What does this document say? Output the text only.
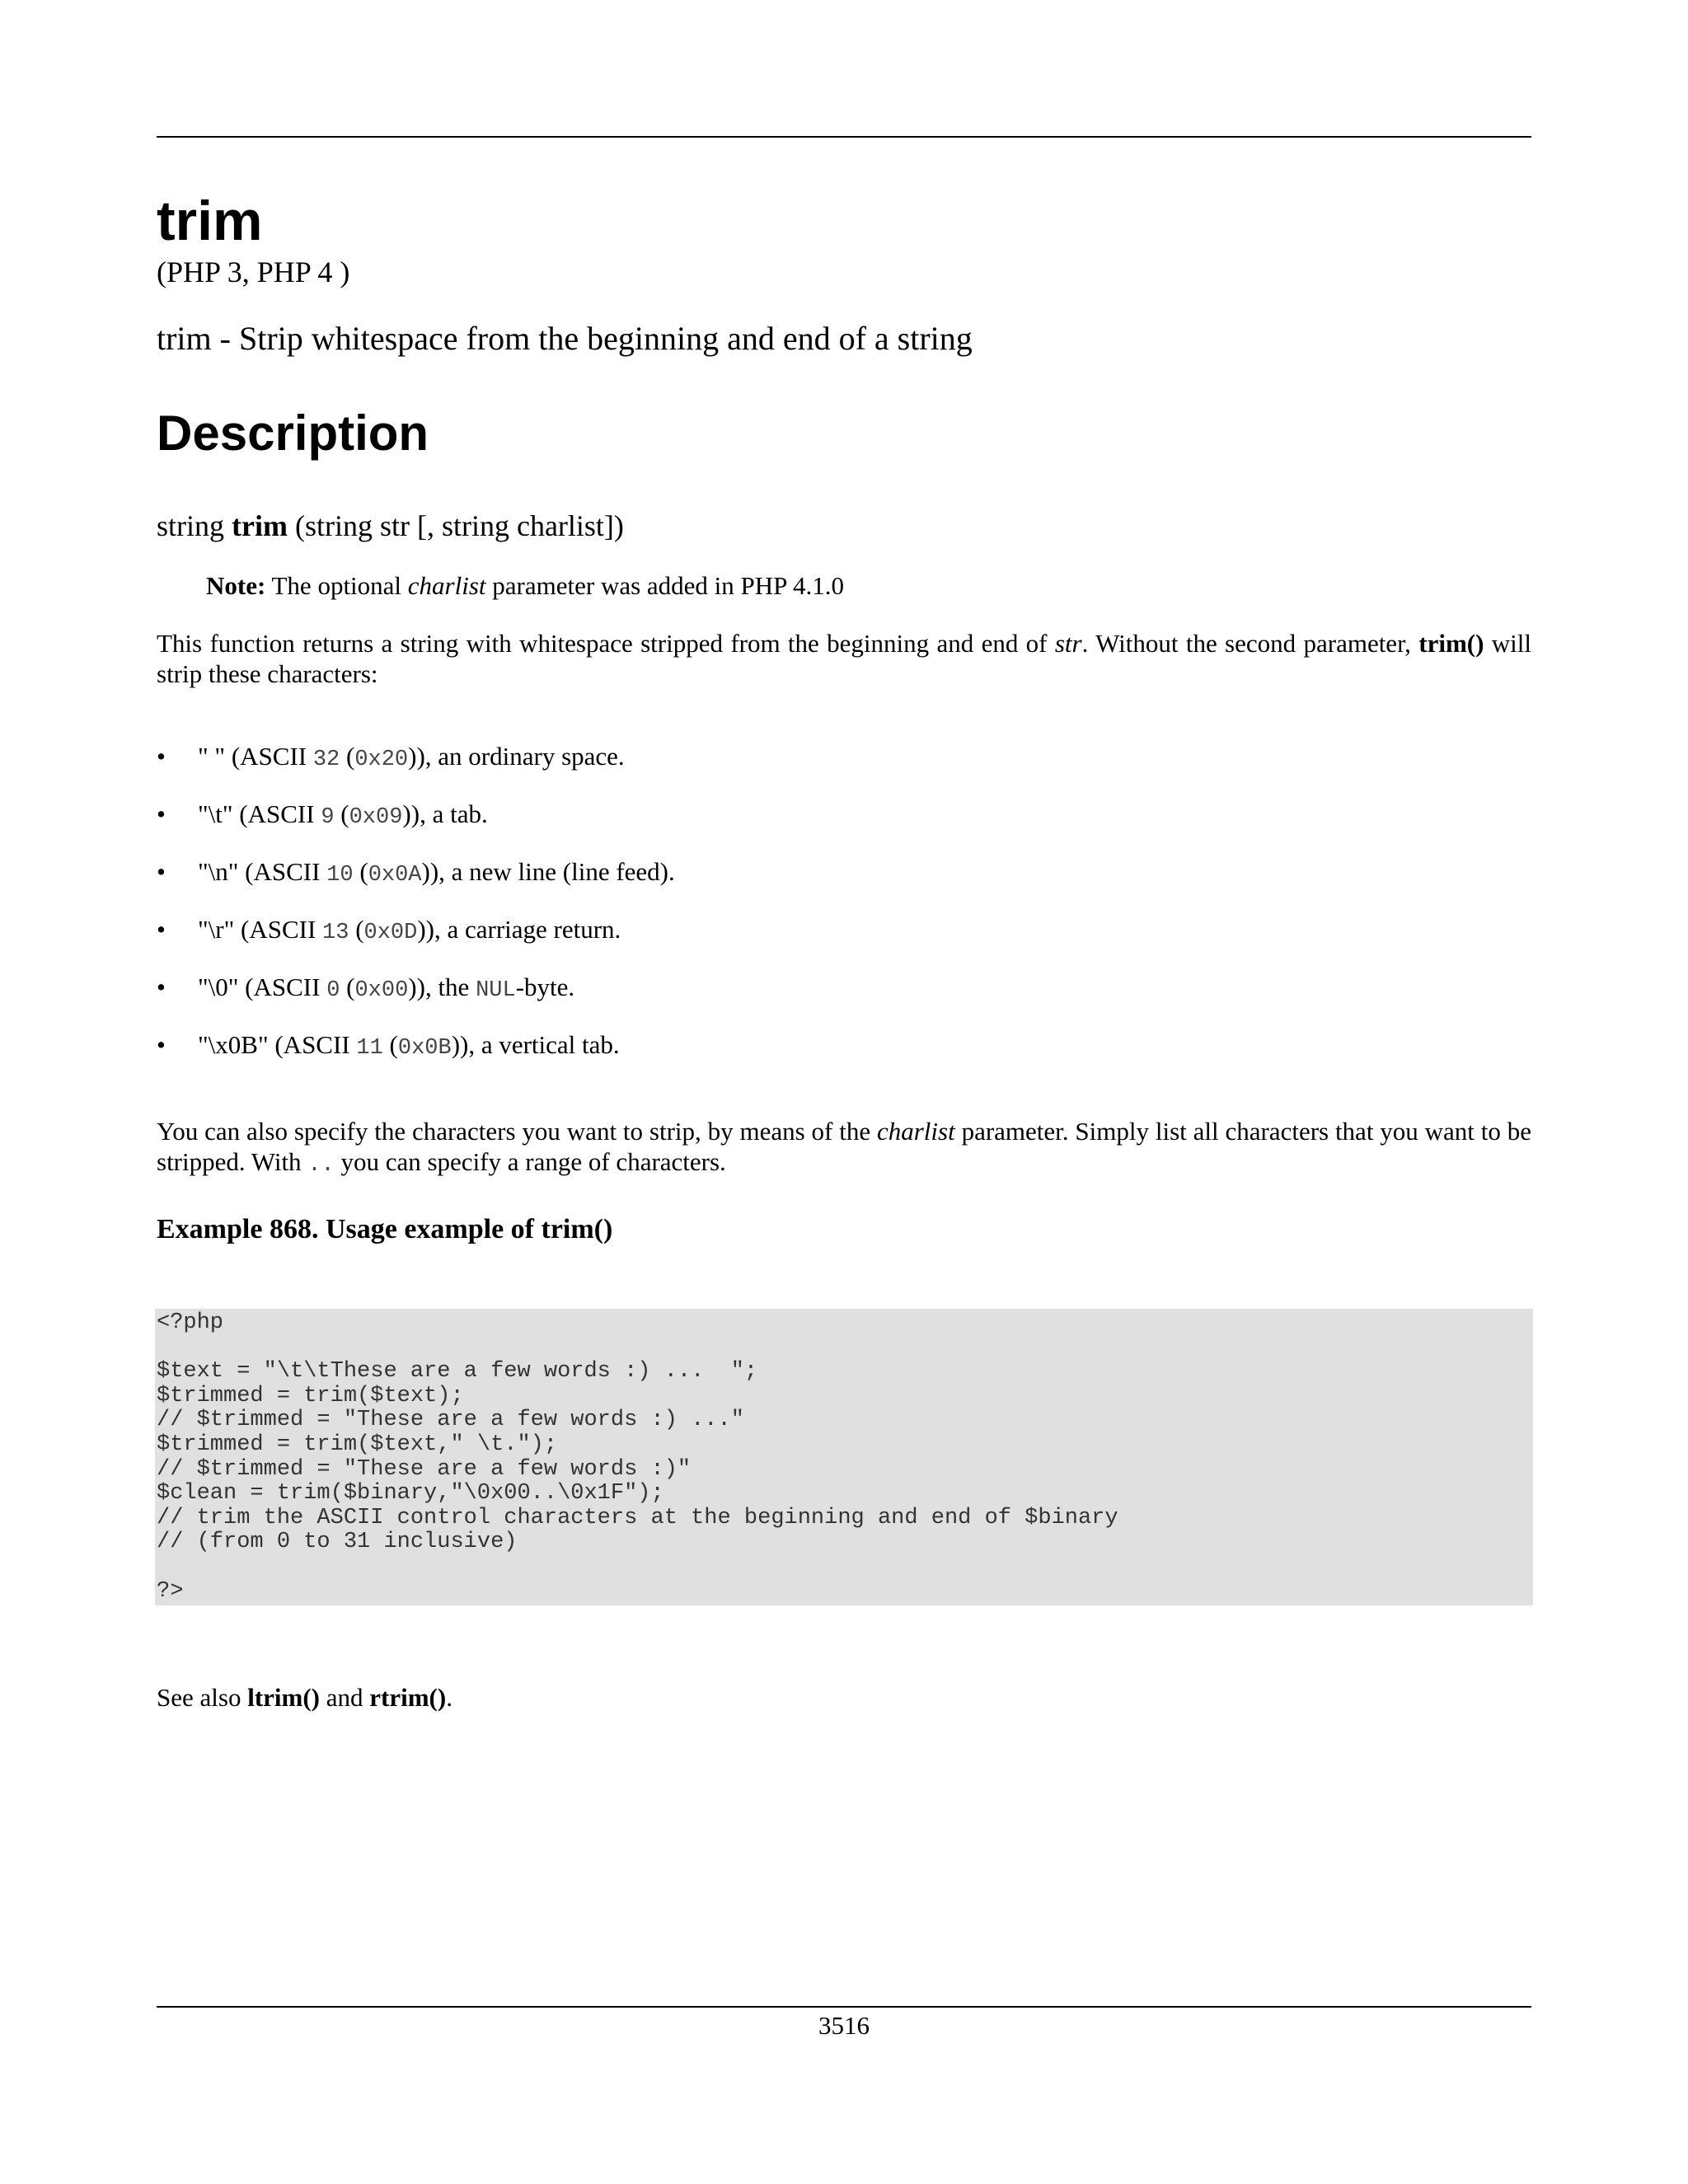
trim
(PHP 3, PHP 4 )
trim - Strip whitespace from the beginning and end of a string
Description
string trim (string str [, string charlist])
Note: The optional charlist parameter was added in PHP 4.1.0
This function returns a string with whitespace stripped from the beginning and end of str. Without the second parameter, trim() will strip these characters:
• " " (ASCII 32 (0x20)), an ordinary space.
• "\t" (ASCII 9 (0x09)), a tab.
• "\n" (ASCII 10 (0x0A)), a new line (line feed).
• "\r" (ASCII 13 (0x0D)), a carriage return.
• "\0" (ASCII 0 (0x00)), the NUL-byte.
• "\x0B" (ASCII 11 (0x0B)), a vertical tab.
You can also specify the characters you want to strip, by means of the charlist parameter. Simply list all characters that you want to be stripped. With .. you can specify a range of characters.
Example 868. Usage example of trim()
<?php
$text = "\t\tThese are a few words :) ...  ";
$trimmed = trim($text);
// $trimmed = "These are a few words :) ..."
$trimmed = trim($text," \t.");
// $trimmed = "These are a few words :)"
$clean = trim($binary,"\0x00..\0x1F");
// trim the ASCII control characters at the beginning and end of $binary
// (from 0 to 31 inclusive)
?>
See also ltrim() and rtrim().
3516
